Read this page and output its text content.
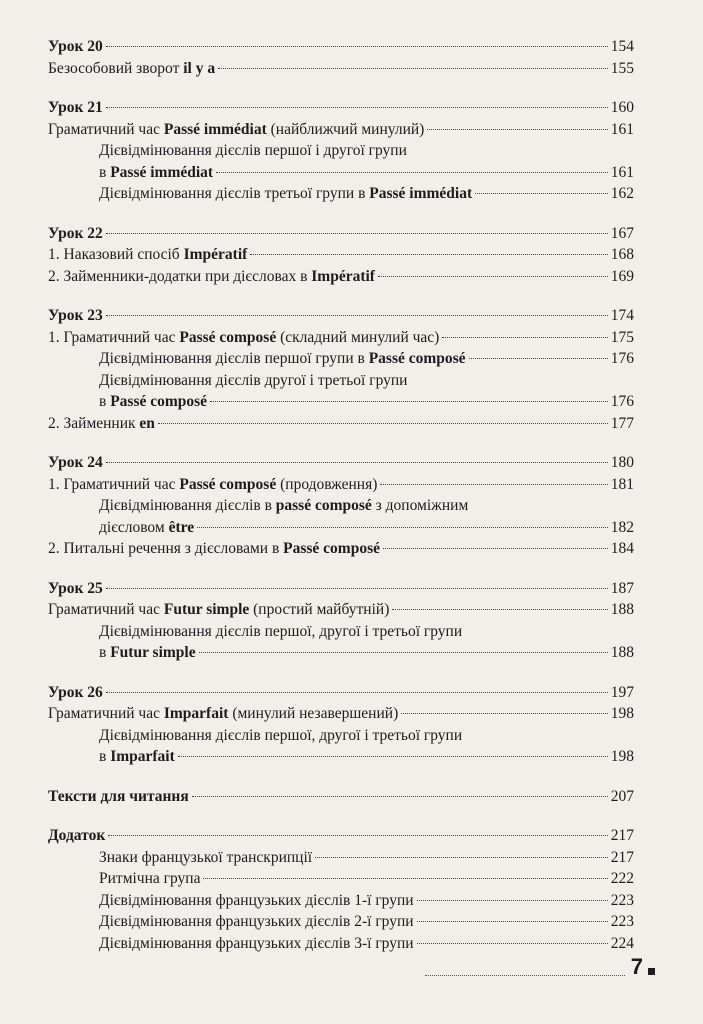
Урок 20	154
Безособовий зворот il y a	155
Урок 21	160
Граматичний час Passé immédiat (найближчий минулий)	161
Дієвідмінювання дієслів першої і другої групи
в Passé immédiat	161
Дієвідмінювання дієслів третьої групи в Passé immédiat	162
Урок 22	167
1. Наказовий спосіб Impératif	168
2. Займенники-додатки при дієсловах в Impératif	169
Урок 23	174
1. Граматичний час Passé composé (складний минулий час)	175
Дієвідмінювання дієслів першої групи в Passé composé	176
Дієвідмінювання дієслів другої і третьої групи
в Passé composé	176
2. Займенник en	177
Урок 24	180
1. Граматичний час Passé composé (продовження)	181
Дієвідмінювання дієслів в passé composé з допоміжним
дієсловом être	182
2. Питальні речення з дієсловами в Passé composé	184
Урок 25	187
Граматичний час Futur simple (простий майбутній)	188
Дієвідмінювання дієслів першої, другої і третьої групи
в Futur simple	188
Урок 26	197
Граматичний час Imparfait (минулий незавершений)	198
Дієвідмінювання дієслів першої, другої і третьої групи
в Imparfait	198
Тексти для читання	207
Додаток	217
Знаки французької транскрипції	217
Ритмічна група	222
Дієвідмінювання французьких дієслів 1-ї групи	223
Дієвідмінювання французьких дієслів 2-ї групи	223
Дієвідмінювання французьких дієслів 3-ї групи	224
7
